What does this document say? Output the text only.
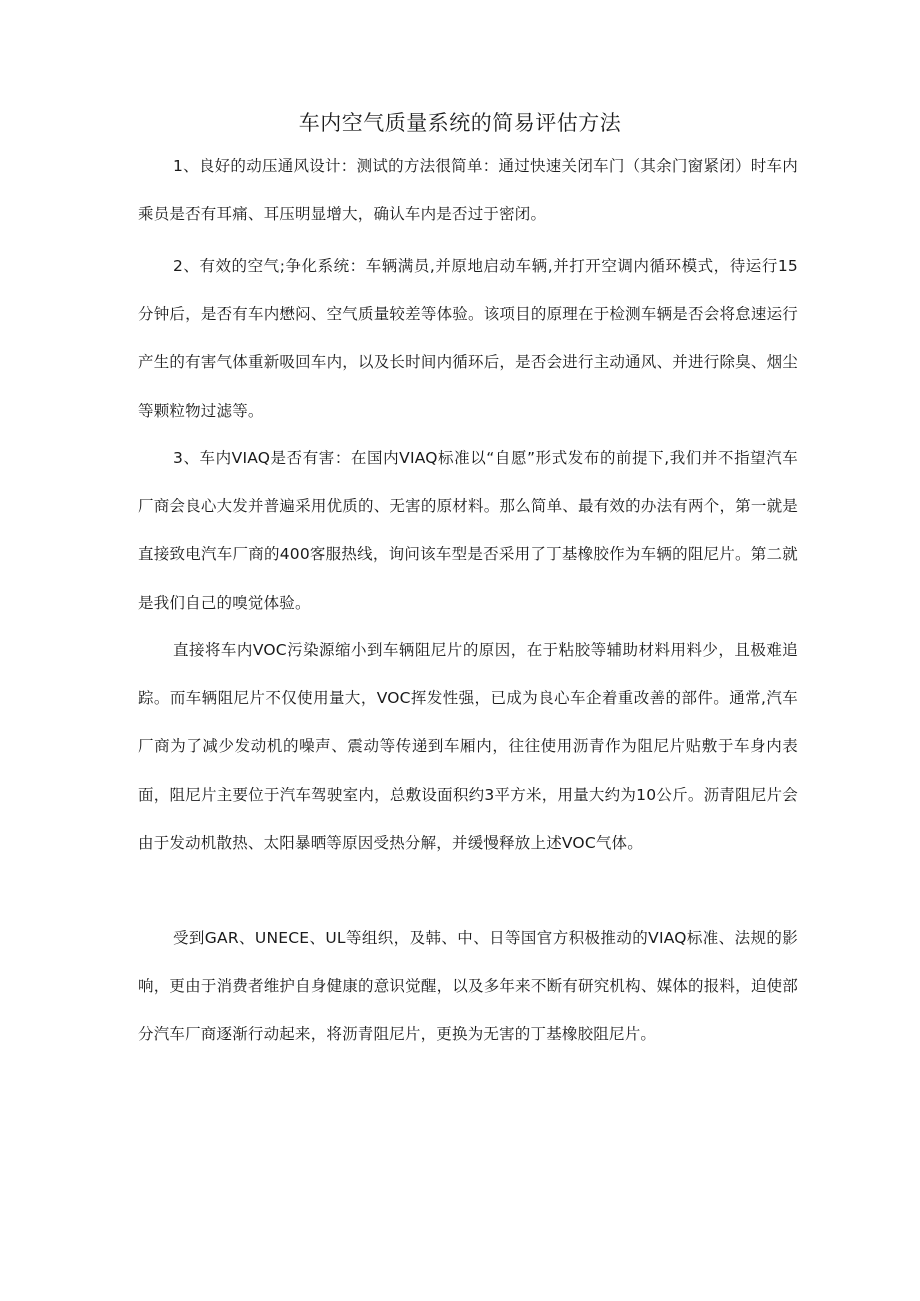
车内空气质量系统的简易评估方法

1、良好的动压通风设计：测试的方法很简单：通过快速关闭车门（其余门窗紧闭）时车内乘员是否有耳痛、耳压明显增大，确认车内是否过于密闭。

2、有效的空气;争化系统：车辆满员,并原地启动车辆,并打开空调内循环模式，待运行15分钟后，是否有车内懋闷、空气质量较差等体验。该项目的原理在于检测车辆是否会将怠速运行产生的有害气体重新吸回车内，以及长时间内循环后，是否会进行主动通风、并进行除臭、烟尘等颗粒物过滤等。

3、车内VIAQ是否有害：在国内VIAQ标准以“自愿”形式发布的前提下,我们并不指望汽车厂商会良心大发并普遍采用优质的、无害的原材料。那么简单、最有效的办法有两个，第一就是直接致电汽车厂商的400客服热线，询问该车型是否采用了丁基橡胶作为车辆的阻尼片。第二就是我们自己的嗅觉体验。

直接将车内VOC污染源缩小到车辆阻尼片的原因，在于粘胶等辅助材料用料少，且极难追踪。而车辆阻尼片不仅使用量大，VOC挥发性强，已成为良心车企着重改善的部件。通常,汽车厂商为了减少发动机的噪声、震动等传递到车厢内，往往使用沥青作为阻尼片贴敷于车身内表面，阻尼片主要位于汽车驾驶室内，总敷设面积约3平方米，用量大约为10公斤。沥青阻尼片会由于发动机散热、太阳暴晒等原因受热分解，并缓慢释放上述VOC气体。

受到GAR、UNECE、UL等组织，及韩、中、日等国官方积极推动的VIAQ标准、法规的影响，更由于消费者维护自身健康的意识觉醒，以及多年来不断有研究机构、媒体的报料，迫使部分汽车厂商逐渐行动起来，将沥青阻尼片，更换为无害的丁基橡胶阻尼片。
